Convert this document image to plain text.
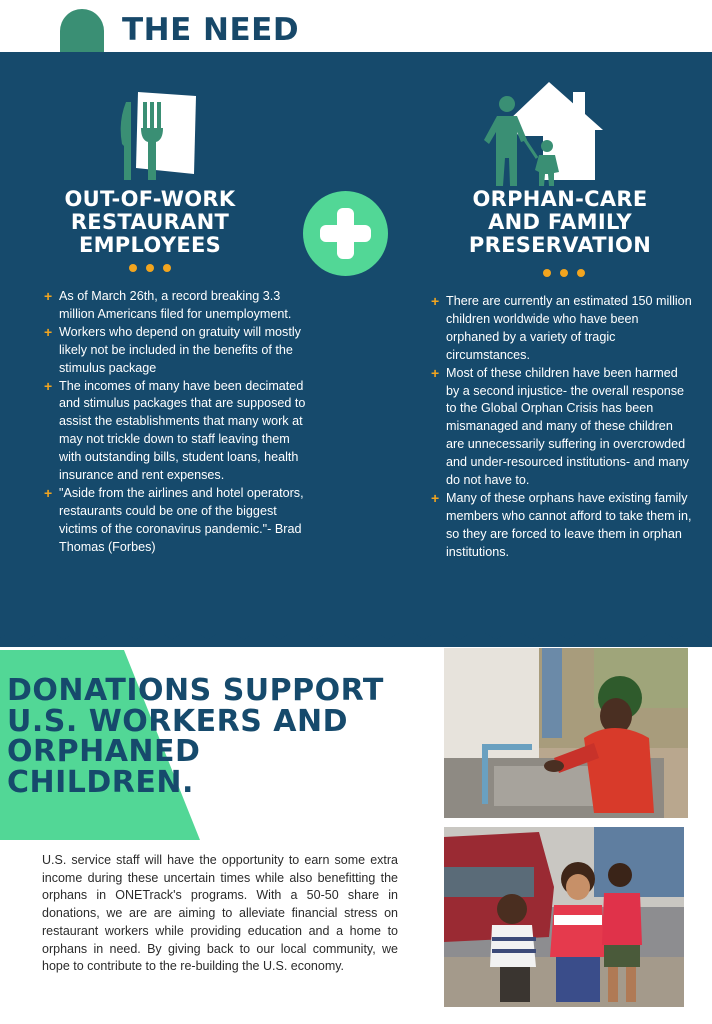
THE NEED
OUT-OF-WORK
RESTAURANT
EMPLOYEES
ORPHAN-CARE
AND FAMILY
PRESERVATION
+ As of March 26th, a record breaking 3.3 million Americans filed for unemployment.
+ Workers who depend on gratuity will mostly likely not be included in the benefits of the stimulus package
+ The incomes of many have been decimated and stimulus packages that are supposed to assist the establishments that many work at may not trickle down to staff leaving them with outstanding bills, student loans, health insurance and rent expenses.
+ "Aside from the airlines and hotel operators, restaurants could be one of the biggest victims of the coronavirus pandemic."- Brad Thomas (Forbes)
+ There are currently an estimated 150 million children worldwide who have been orphaned by a variety of tragic circumstances.
+ Most of these children have been harmed by a second injustice- the overall response to the Global Orphan Crisis has been mismanaged and many of these children are unnecessarily suffering in overcrowded and under-resourced institutions- and many do not have to.
+ Many of these orphans have existing family members who cannot afford to take them in, so they are forced to leave them in orphan institutions.
DONATIONS SUPPORT
U.S. WORKERS AND
ORPHANED
CHILDREN.
U.S. service staff will have the opportunity to earn some extra income during these uncertain times while also benefitting the orphans in ONETrack's programs. With a 50-50 share in donations, we are are aiming to alleviate financial stress on restaurant workers while providing education and a home to orphans in need. By giving back to our local community, we hope to contribute to the re-building the U.S. economy.
